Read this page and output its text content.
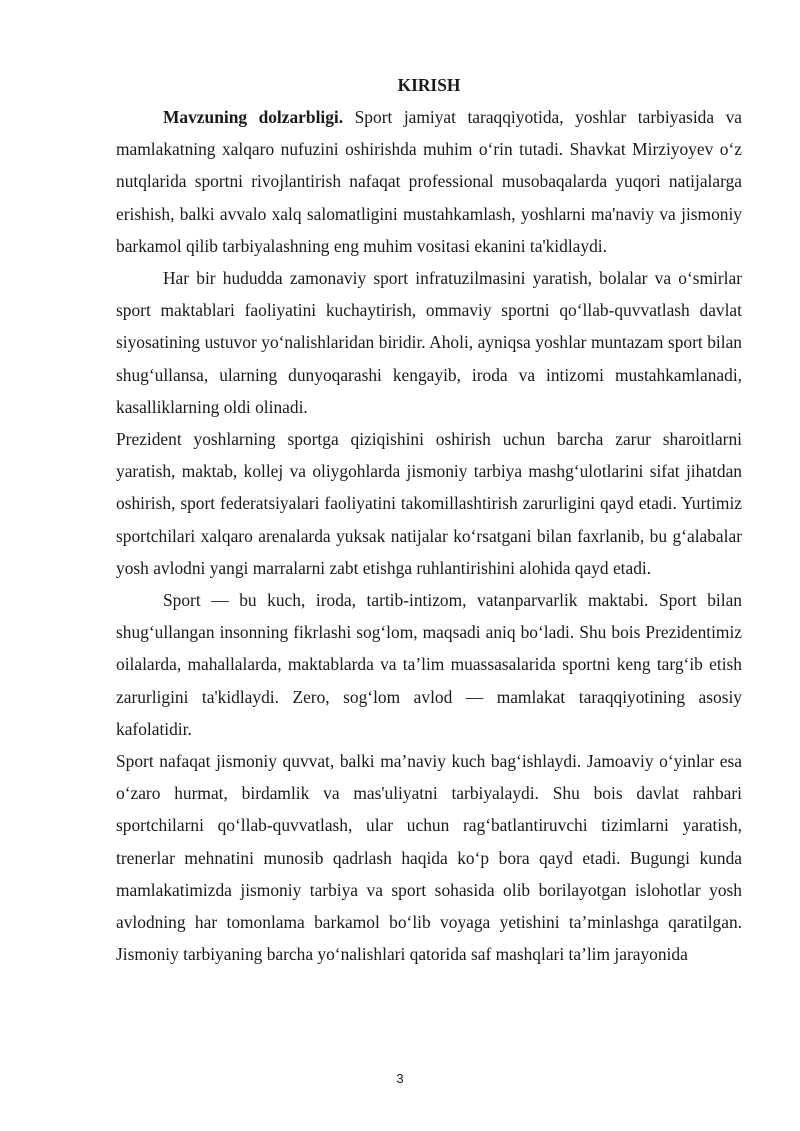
KIRISH

Mavzuning dolzarbligi. Sport jamiyat taraqqiyotida, yoshlar tarbiyasida va mamlakatning xalqaro nufuzini oshirishda muhim oʻrin tutadi. Shavkat Mirziyoyev oʻz nutqlarida sportni rivojlantirish nafaqat professional musobaqalarda yuqori natijalarga erishish, balki avvalo xalq salomatligini mustahkamlash, yoshlarni ma'naviy va jismoniy barkamol qilib tarbiyalashning eng muhim vositasi ekanini ta'kidlaydi.

Har bir hududda zamonaviy sport infratuzilmasini yaratish, bolalar va oʻsmirlar sport maktablari faoliyatini kuchaytirish, ommaviy sportni qoʻllab-quvvatlash davlat siyosatining ustuvor yoʻnalishlaridan biridir. Aholi, ayniqsa yoshlar muntazam sport bilan shugʻullansa, ularning dunyoqarashi kengayib, iroda va intizomi mustahkamlanadi, kasalliklarning oldi olinadi.

Prezident yoshlarning sportga qiziqishini oshirish uchun barcha zarur sharoitlarni yaratish, maktab, kollej va oliygohlarda jismoniy tarbiya mashgʻulotlarini sifat jihatdan oshirish, sport federatsiyalari faoliyatini takomillashtirish zarurligini qayd etadi. Yurtimiz sportchilari xalqaro arenalarda yuksak natijalar koʻrsatgani bilan faxrlanib, bu gʻalabalar yosh avlodni yangi marralarni zabt etishga ruhlantirishini alohida qayd etadi.

Sport — bu kuch, iroda, tartib-intizom, vatanparvarlik maktabi. Sport bilan shugʻullangan insonning fikrlashi sogʻlom, maqsadi aniq boʻladi. Shu bois Prezidentimiz oilalarda, mahallalarda, maktablarda va ta’lim muassasalarida sportni keng targʻib etish zarurligini ta'kidlaydi. Zero, sogʻlom avlod — mamlakat taraqqiyotining asosiy kafolatidir.

Sport nafaqat jismoniy quvvat, balki ma’naviy kuch bagʻishlaydi. Jamoaviy oʻyinlar esa oʻzaro hurmat, birdamlik va mas'uliyatni tarbiyalaydi. Shu bois davlat rahbari sportchilarni qoʻllab-quvvatlash, ular uchun ragʻbatlantiruvchi tizimlarni yaratish, trenerlar mehnatini munosib qadrlash haqida koʻp bora qayd etadi. Bugungi kunda mamlakatimizda jismoniy tarbiya va sport sohasida olib borilayotgan islohotlar yosh avlodning har tomonlama barkamol boʻlib voyaga yetishini ta’minlashga qaratilgan. Jismoniy tarbiyaning barcha yoʻnalishlari qatorida saf mashqlari ta’lim jarayonida

3
